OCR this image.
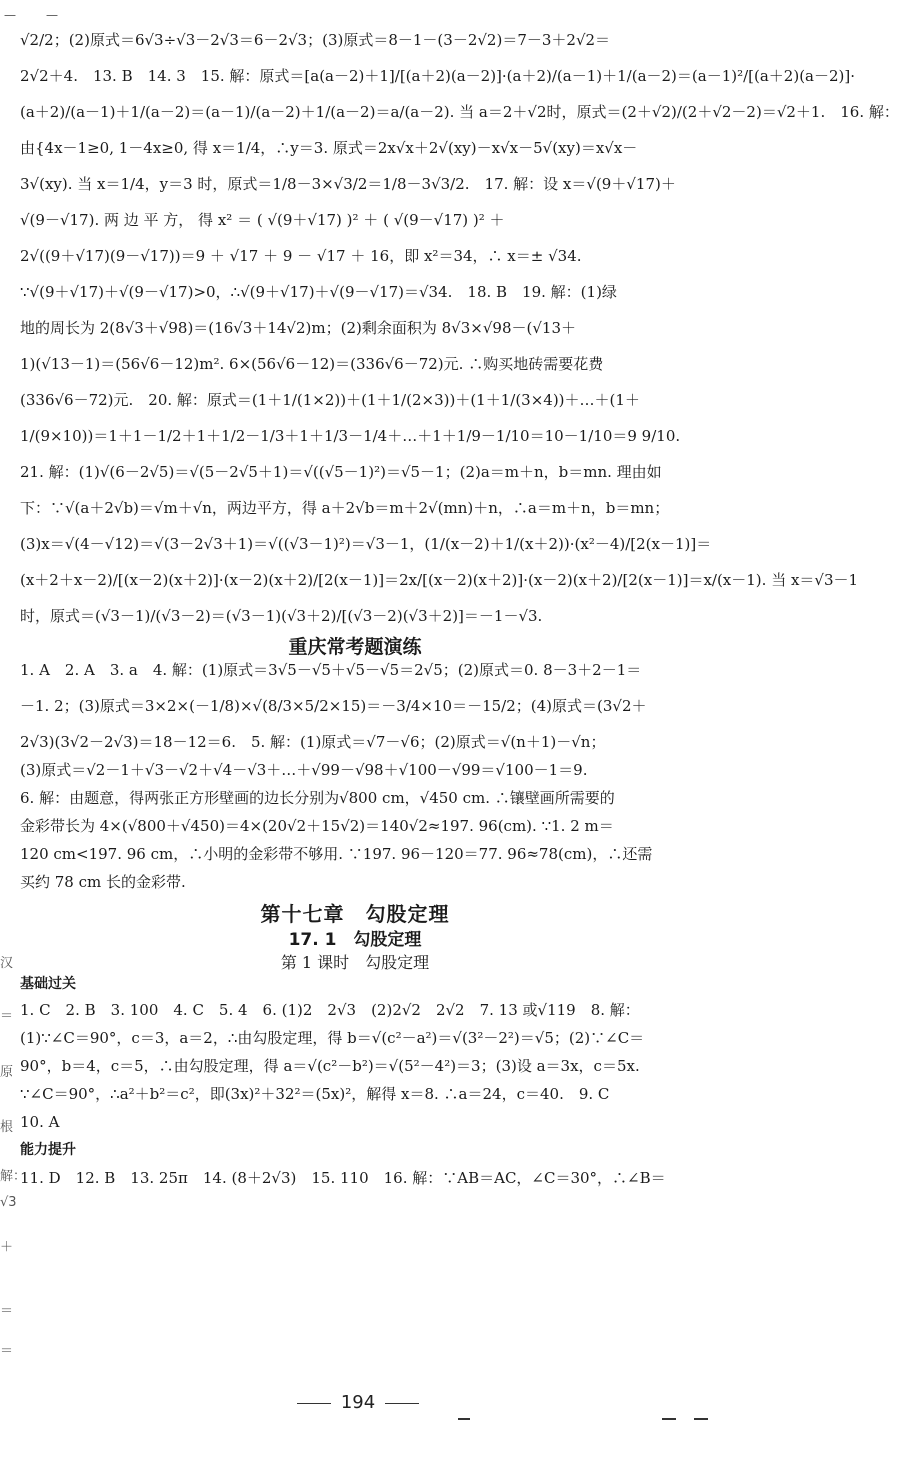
—　　—　　　　
汉
＝
原
根
解：
√3
＋
＝
＝
√2/2；(2)原式＝6√3÷√3－2√3＝6－2√3；(3)原式＝8－1－(3－2√2)＝7－3＋2√2＝
2√2＋4.　13. B　14. 3　15. 解：原式＝[a(a－2)＋1]/[(a＋2)(a－2)]·(a＋2)/(a－1)＋1/(a－2)＝(a－1)²/[(a＋2)(a－2)]·
(a＋2)/(a－1)＋1/(a－2)＝(a－1)/(a－2)＋1/(a－2)＝a/(a－2). 当 a＝2＋√2时，原式＝(2＋√2)/(2＋√2－2)＝√2＋1.　16. 解：
由{4x－1≥0, 1－4x≥0, 得 x＝1/4，∴y＝3. 原式＝2x√x＋2√(xy)－x√x－5√(xy)＝x√x－
3√(xy). 当 x＝1/4，y＝3 时，原式＝1/8－3×√3/2＝1/8－3√3/2.　17. 解：设 x＝√(9＋√17)＋
√(9－√17). 两 边 平 方， 得 x² ＝ ( √(9＋√17) )² ＋ ( √(9－√17) )² ＋
2√((9＋√17)(9－√17))＝9 ＋ √17 ＋ 9 － √17 ＋ 16，即 x²＝34，∴ x＝± √34.
∵√(9＋√17)＋√(9－√17)>0，∴√(9＋√17)＋√(9－√17)＝√34.　18. B　19. 解：(1)绿
地的周长为 2(8√3＋√98)＝(16√3＋14√2)m；(2)剩余面积为 8√3×√98－(√13＋
1)(√13－1)＝(56√6－12)m². 6×(56√6－12)＝(336√6－72)元. ∴购买地砖需要花费
(336√6－72)元.　20. 解：原式＝(1＋1/(1×2))＋(1＋1/(2×3))＋(1＋1/(3×4))＋…＋(1＋
1/(9×10))＝1＋1－1/2＋1＋1/2－1/3＋1＋1/3－1/4＋…＋1＋1/9－1/10＝10－1/10＝9 9/10.
21. 解：(1)√(6－2√5)＝√(5－2√5＋1)＝√((√5－1)²)＝√5－1；(2)a＝m＋n，b＝mn. 理由如
下：∵√(a＋2√b)＝√m＋√n，两边平方，得 a＋2√b＝m＋2√(mn)＋n，∴a＝m＋n，b＝mn；
(3)x＝√(4－√12)＝√(3－2√3＋1)＝√((√3－1)²)＝√3－1，(1/(x－2)＋1/(x＋2))·(x²－4)/[2(x－1)]＝
(x＋2＋x－2)/[(x－2)(x＋2)]·(x－2)(x＋2)/[2(x－1)]＝2x/[(x－2)(x＋2)]·(x－2)(x＋2)/[2(x－1)]＝x/(x－1). 当 x＝√3－1
时，原式＝(√3－1)/(√3－2)＝(√3－1)(√3＋2)/[(√3－2)(√3＋2)]＝－1－√3.
重庆常考题演练
1. A　2. A　3. a　4. 解：(1)原式＝3√5－√5＋√5－√5＝2√5；(2)原式＝0. 8－3＋2－1＝
－1. 2；(3)原式＝3×2×(－1/8)×√(8/3×5/2×15)＝－3/4×10＝－15/2；(4)原式＝(3√2＋
2√3)(3√2－2√3)＝18－12＝6.　5. 解：(1)原式＝√7－√6；(2)原式＝√(n＋1)－√n；
(3)原式＝√2－1＋√3－√2＋√4－√3＋…＋√99－√98＋√100－√99＝√100－1＝9.
6. 解：由题意，得两张正方形壁画的边长分别为√800 cm，√450 cm. ∴镶壁画所需要的
金彩带长为 4×(√800＋√450)＝4×(20√2＋15√2)＝140√2≈197. 96(cm). ∵1. 2 m＝
120 cm<197. 96 cm，∴小明的金彩带不够用. ∵197. 96－120＝77. 96≈78(cm)，∴还需
买约 78 cm 长的金彩带.
第十七章　勾股定理
17. 1　勾股定理
第 1 课时　勾股定理
基础过关
1. C　2. B　3. 100　4. C　5. 4　6. (1)2　2√3　(2)2√2　2√2　7. 13 或√119　8. 解：
(1)∵∠C＝90°，c＝3，a＝2，∴由勾股定理，得 b＝√(c²－a²)＝√(3²－2²)＝√5；(2)∵∠C＝
90°，b＝4，c＝5，∴由勾股定理，得 a＝√(c²－b²)＝√(5²－4²)＝3；(3)设 a＝3x，c＝5x.
∵∠C＝90°，∴a²＋b²＝c²，即(3x)²＋32²＝(5x)²，解得 x＝8. ∴a＝24，c＝40.　9. C
10. A
能力提升
11. D　12. B　13. 25π　14. (8＋2√3)　15. 110　16. 解：∵AB＝AC，∠C＝30°，∴∠B＝
194
